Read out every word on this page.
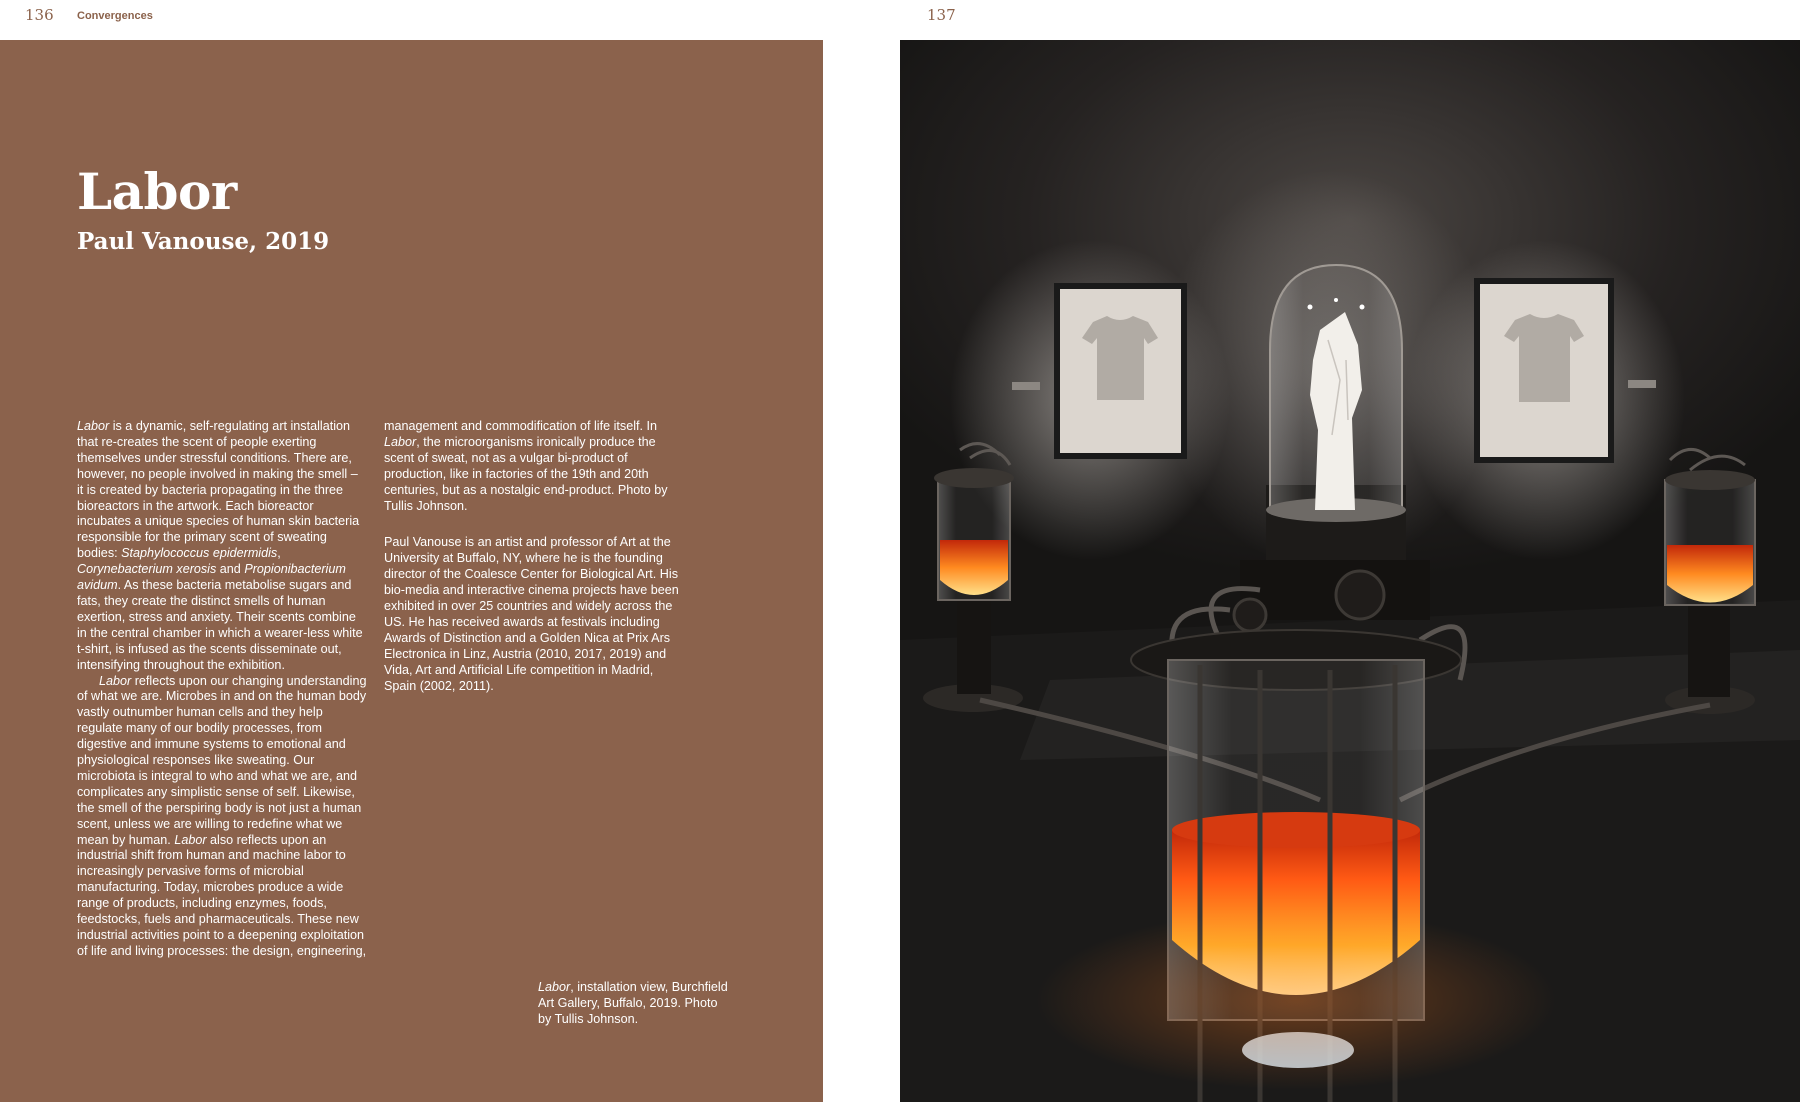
136 Convergences	137
Labor
Paul Vanouse, 2019

Labor is a dynamic, self-regulating art installation that re-creates the scent of people exerting themselves under stressful conditions. There are, however, no people involved in making the smell – it is created by bacteria propagating in the three bioreactors in the artwork. Each bioreactor incubates a unique species of human skin bacteria responsible for the primary scent of sweating bodies: Staphylococcus epidermidis, Corynebacterium xerosis and Propionibacterium avidum. As these bacteria metabolise sugars and fats, they create the distinct smells of human exertion, stress and anxiety. Their scents combine in the central chamber in which a wearer-less white t-shirt, is infused as the scents disseminate out, intensifying throughout the exhibition.

Labor reflects upon our changing understanding of what we are. Microbes in and on the human body vastly outnumber human cells and they help regulate many of our bodily processes, from digestive and immune systems to emotional and physiological responses like sweating. Our microbiota is integral to who and what we are, and complicates any simplistic sense of self. Likewise, the smell of the perspiring body is not just a human scent, unless we are willing to redefine what we mean by human. Labor also reflects upon an industrial shift from human and machine labor to increasingly pervasive forms of microbial manufacturing. Today, microbes produce a wide range of products, including enzymes, foods, feedstocks, fuels and pharmaceuticals. These new industrial activities point to a deepening exploitation of life and living processes: the design, engineering,

management and commodification of life itself. In Labor, the microorganisms ironically produce the scent of sweat, not as a vulgar bi-product of production, like in factories of the 19th and 20th centuries, but as a nostalgic end-product. Photo by Tullis Johnson.

Paul Vanouse is an artist and professor of Art at the University at Buffalo, NY, where he is the founding director of the Coalesce Center for Biological Art. His bio-media and interactive cinema projects have been exhibited in over 25 countries and widely across the US. He has received awards at festivals including Awards of Distinction and a Golden Nica at Prix Ars Electronica in Linz, Austria (2010, 2017, 2019) and Vida, Art and Artificial Life competition in Madrid, Spain (2002, 2011).

Labor, installation view, Burchfield Art Gallery, Buffalo, 2019. Photo by Tullis Johnson.
